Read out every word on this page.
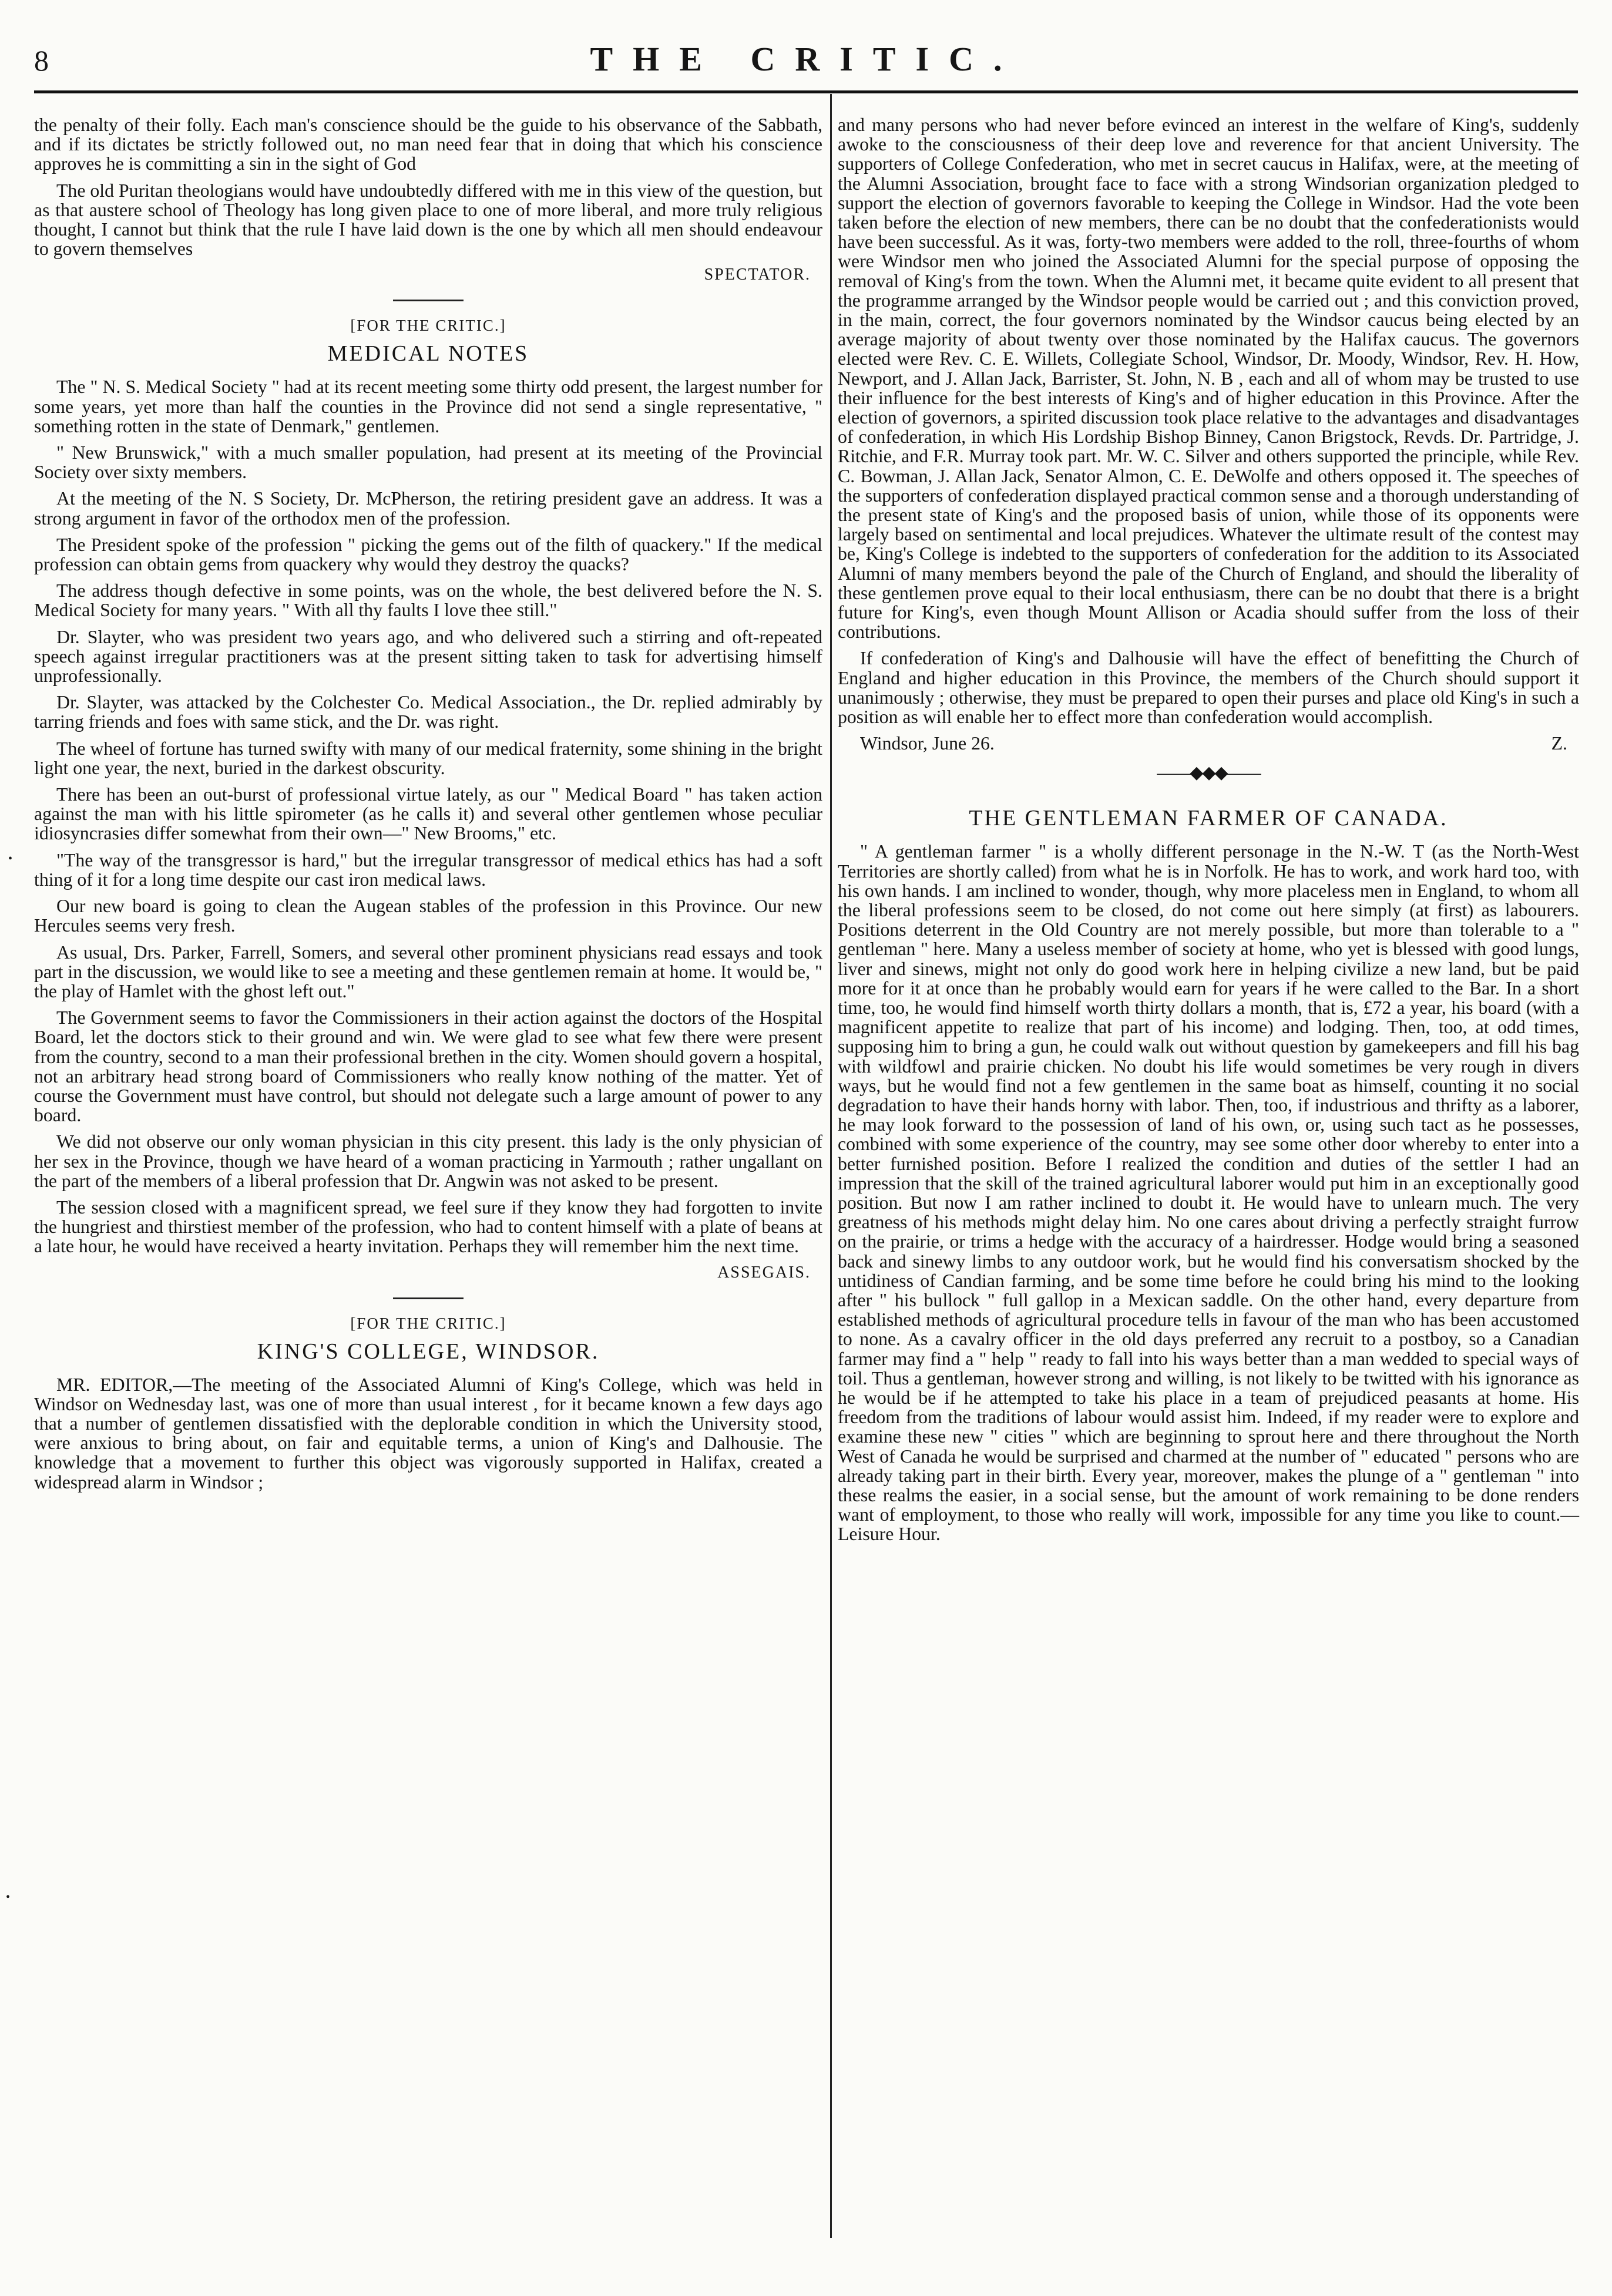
8	THE CRITIC.
•
•

the penalty of their folly. Each man's conscience should be the guide to his observance of the Sabbath, and if its dictates be strictly followed out, no man need fear that in doing that which his conscience approves he is committing a sin in the sight of God

The old Puritan theologians would have undoubtedly differed with me in this view of the question, but as that austere school of Theology has long given place to one of more liberal, and more truly religious thought, I cannot but think that the rule I have laid down is the one by which all men should endeavour to govern themselves

SPECTATOR.
[FOR THE CRITIC.]
MEDICAL NOTES

The " N. S. Medical Society " had at its recent meeting some thirty odd present, the largest number for some years, yet more than half the counties in the Province did not send a single representative, " something rotten in the state of Denmark," gentlemen.

" New Brunswick," with a much smaller population, had present at its meeting of the Provincial Society over sixty members.

At the meeting of the N. S Society, Dr. McPherson, the retiring president gave an address. It was a strong argument in favor of the orthodox men of the profession.

The President spoke of the profession " picking the gems out of the filth of quackery." If the medical profession can obtain gems from quackery why would they destroy the quacks?

The address though defective in some points, was on the whole, the best delivered before the N. S. Medical Society for many years. " With all thy faults I love thee still."

Dr. Slayter, who was president two years ago, and who delivered such a stirring and oft-repeated speech against irregular practitioners was at the present sitting taken to task for advertising himself unprofessionally.

Dr. Slayter, was attacked by the Colchester Co. Medical Association., the Dr. replied admirably by tarring friends and foes with same stick, and the Dr. was right.

The wheel of fortune has turned swifty with many of our medical fraternity, some shining in the bright light one year, the next, buried in the darkest obscurity.

There has been an out-burst of professional virtue lately, as our " Medical Board " has taken action against the man with his little spirometer (as he calls it) and several other gentlemen whose peculiar idiosyncrasies differ somewhat from their own—" New Brooms," etc.

"The way of the transgressor is hard," but the irregular transgressor of medical ethics has had a soft thing of it for a long time despite our cast iron medical laws.

Our new board is going to clean the Augean stables of the profession in this Province. Our new Hercules seems very fresh.

As usual, Drs. Parker, Farrell, Somers, and several other prominent physicians read essays and took part in the discussion, we would like to see a meeting and these gentlemen remain at home. It would be, " the play of Hamlet with the ghost left out."

The Government seems to favor the Commissioners in their action against the doctors of the Hospital Board, let the doctors stick to their ground and win. We were glad to see what few there were present from the country, second to a man their professional brethen in the city. Women should govern a hospital, not an arbitrary head strong board of Commissioners who really know nothing of the matter. Yet of course the Government must have control, but should not delegate such a large amount of power to any board.

We did not observe our only woman physician in this city present. this lady is the only physician of her sex in the Province, though we have heard of a woman practicing in Yarmouth ; rather ungallant on the part of the members of a liberal profession that Dr. Angwin was not asked to be present.

The session closed with a magnificent spread, we feel sure if they know they had forgotten to invite the hungriest and thirstiest member of the profession, who had to content himself with a plate of beans at a late hour, he would have received a hearty invitation. Perhaps they will remember him the next time.

ASSEGAIS.
[FOR THE CRITIC.]
KING'S COLLEGE, WINDSOR.

MR. EDITOR,—The meeting of the Associated Alumni of King's College, which was held in Windsor on Wednesday last, was one of more than usual interest , for it became known a few days ago that a number of gentlemen dissatisfied with the deplorable condition in which the University stood, were anxious to bring about, on fair and equitable terms, a union of King's and Dalhousie. The knowledge that a movement to further this object was vigorously supported in Halifax, created a widespread alarm in Windsor ;

and many persons who had never before evinced an interest in the welfare of King's, suddenly awoke to the consciousness of their deep love and reverence for that ancient University. The supporters of College Confederation, who met in secret caucus in Halifax, were, at the meeting of the Alumni Association, brought face to face with a strong Windsorian organization pledged to support the election of governors favorable to keeping the College in Windsor. Had the vote been taken before the election of new members, there can be no doubt that the confederationists would have been successful. As it was, forty-two members were added to the roll, three-fourths of whom were Windsor men who joined the Associated Alumni for the special purpose of opposing the removal of King's from the town. When the Alumni met, it became quite evident to all present that the programme arranged by the Windsor people would be carried out ; and this conviction proved, in the main, correct, the four governors nominated by the Windsor caucus being elected by an average majority of about twenty over those nominated by the Halifax caucus. The governors elected were Rev. C. E. Willets, Collegiate School, Windsor, Dr. Moody, Windsor, Rev. H. How, Newport, and J. Allan Jack, Barrister, St. John, N. B , each and all of whom may be trusted to use their influence for the best interests of King's and of higher education in this Province. After the election of governors, a spirited discussion took place relative to the advantages and disadvantages of confederation, in which His Lordship Bishop Binney, Canon Brigstock, Revds. Dr. Partridge, J. Ritchie, and F.R. Murray took part. Mr. W. C. Silver and others supported the principle, while Rev. C. Bowman, J. Allan Jack, Senator Almon, C. E. DeWolfe and others opposed it. The speeches of the supporters of confederation displayed practical common sense and a thorough understanding of the present state of King's and the proposed basis of union, while those of its opponents were largely based on sentimental and local prejudices. Whatever the ultimate result of the contest may be, King's College is indebted to the supporters of confederation for the addition to its Associated Alumni of many members beyond the pale of the Church of England, and should the liberality of these gentlemen prove equal to their local enthusiasm, there can be no doubt that there is a bright future for King's, even though Mount Allison or Acadia should suffer from the loss of their contributions.

If confederation of King's and Dalhousie will have the effect of benefitting the Church of England and higher education in this Province, the members of the Church should support it unanimously ; otherwise, they must be prepared to open their purses and place old King's in such a position as will enable her to effect more than confederation would accomplish.

Windsor, June 26.	Z.
——◆◆◆——
THE GENTLEMAN FARMER OF CANADA.

" A gentleman farmer " is a wholly different personage in the N.-W. T (as the North-West Territories are shortly called) from what he is in Norfolk. He has to work, and work hard too, with his own hands. I am inclined to wonder, though, why more placeless men in England, to whom all the liberal professions seem to be closed, do not come out here simply (at first) as labourers. Positions deterrent in the Old Country are not merely possible, but more than tolerable to a " gentleman " here. Many a useless member of society at home, who yet is blessed with good lungs, liver and sinews, might not only do good work here in helping civilize a new land, but be paid more for it at once than he probably would earn for years if he were called to the Bar. In a short time, too, he would find himself worth thirty dollars a month, that is, £72 a year, his board (with a magnificent appetite to realize that part of his income) and lodging. Then, too, at odd times, supposing him to bring a gun, he could walk out without question by gamekeepers and fill his bag with wildfowl and prairie chicken. No doubt his life would sometimes be very rough in divers ways, but he would find not a few gentlemen in the same boat as himself, counting it no social degradation to have their hands horny with labor. Then, too, if industrious and thrifty as a laborer, he may look forward to the possession of land of his own, or, using such tact as he possesses, combined with some experience of the country, may see some other door whereby to enter into a better furnished position. Before I realized the condition and duties of the settler I had an impression that the skill of the trained agricultural laborer would put him in an exceptionally good position. But now I am rather inclined to doubt it. He would have to unlearn much. The very greatness of his methods might delay him. No one cares about driving a perfectly straight furrow on the prairie, or trims a hedge with the accuracy of a hairdresser. Hodge would bring a seasoned back and sinewy limbs to any outdoor work, but he would find his conversatism shocked by the untidiness of Candian farming, and be some time before he could bring his mind to the looking after " his bullock " full gallop in a Mexican saddle. On the other hand, every departure from established methods of agricultural procedure tells in favour of the man who has been accustomed to none. As a cavalry officer in the old days preferred any recruit to a postboy, so a Canadian farmer may find a " help " ready to fall into his ways better than a man wedded to special ways of toil. Thus a gentleman, however strong and willing, is not likely to be twitted with his ignorance as he would be if he attempted to take his place in a team of prejudiced peasants at home. His freedom from the traditions of labour would assist him. Indeed, if my reader were to explore and examine these new " cities " which are beginning to sprout here and there throughout the North West of Canada he would be surprised and charmed at the number of " educated " persons who are already taking part in their birth. Every year, moreover, makes the plunge of a " gentleman " into these realms the easier, in a social sense, but the amount of work remaining to be done renders want of employment, to those who really will work, impossible for any time you like to count.—Leisure Hour.
